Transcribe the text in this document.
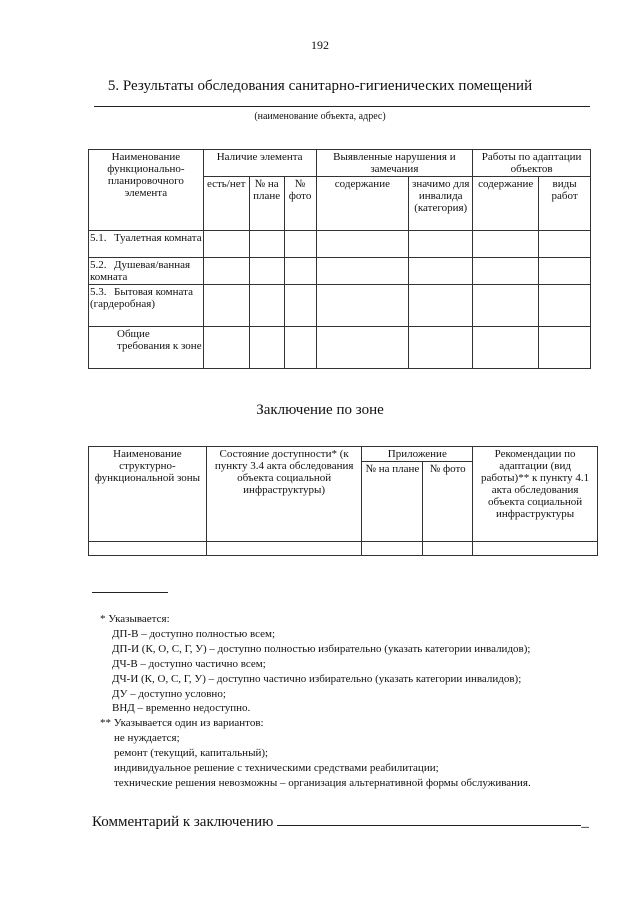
192
5. Результаты обследования санитарно-гигиенических помещений
(наименование объекта, адрес)
Наименование функционально-планировочного элемента	Наличие элемента			Выявленные нарушения и замечания		Работы по адаптации объектов	
	есть/нет	№ на плане	№ фото	содержание	значимо для инвалида (категория)	содержание	виды работ
5.1. Туалетная комната							
5.2. Душевая/ванная комната							
5.3. Бытовая комната (гардеробная)							
Общие требования к зоне							
Заключение по зоне
Наименование структурно-функциональной зоны	Состояние доступности* (к пункту 3.4 акта обследования объекта социальной инфраструктуры)	Приложение		Рекомендации по адаптации (вид работы)** к пункту 4.1 акта обследования объекта социальной инфраструктуры
		№ на плане	№ фото	

* Указывается:
ДП-В – доступно полностью всем;
ДП-И (К, О, С, Г, У) – доступно полностью избирательно (указать категории инвалидов);
ДЧ-В – доступно частично всем;
ДЧ-И (К, О, С, Г, У) – доступно частично избирательно (указать категории инвалидов);
ДУ – доступно условно;
ВНД – временно недоступно.
** Указывается один из вариантов:
не нуждается;
ремонт (текущий, капитальный);
индивидуальное решение с техническими средствами реабилитации;
технические решения невозможны – организация альтернативной формы обслуживания.
Комментарий к заключению	_
